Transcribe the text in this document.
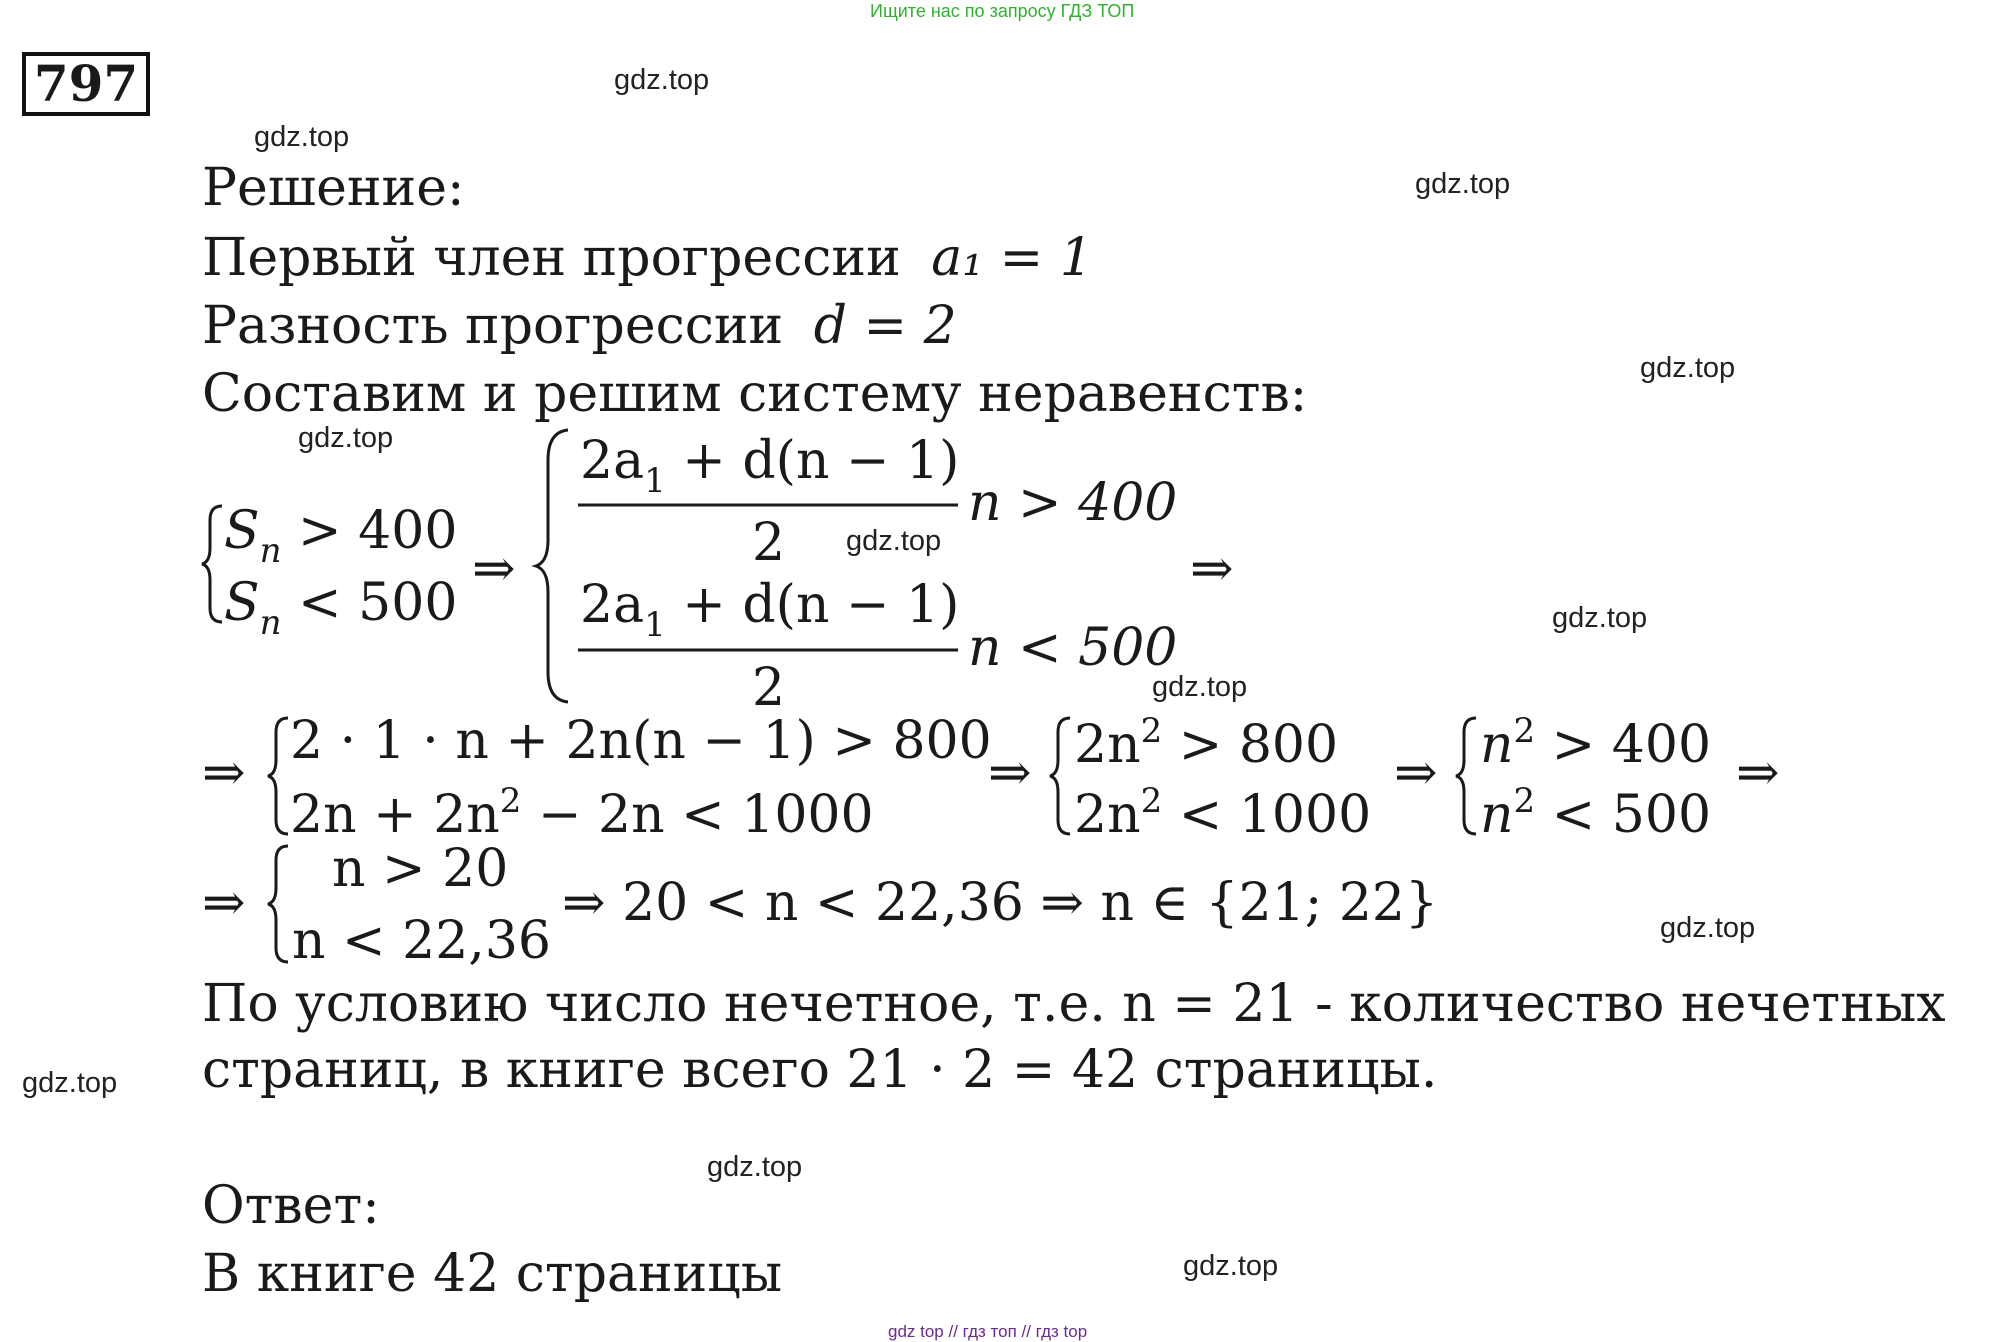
Ищите нас по запросу ГДЗ ТОП
797	gdz.top
gdz.top
gdz.top
gdz.top
gdz.top
gdz.top
gdz.top
gdz.top
gdz.top
gdz.top
gdz.top
gdz.top
Решение:
Первый член прогрессии a₁ = 1
Разность прогрессии d = 2
Составим и решим систему неравенств:
$S_n > 400$
$S_n < 500$
⇒
$2a_1 + d(n - 1)$
2
n > 400
$2a_1 + d(n - 1)$
2
n < 500
⇒
⇒
2 · 1 · n + 2n(n − 1) > 800
$2n + 2n^2 - 2n < 1000$
⇒ $2n^2 > 800$
$2n^2 < 1000$
⇒ $n^2 > 400$
$n^2 < 500$
⇒
⇒
n > 20
n < 22,36
⇒ 20 < n < 22,36 ⇒ n ∈ {21; 22}
По условию число нечетное, т.е. n = 21 - количество нечетных
страниц, в книге всего 21 · 2 = 42 страницы.
Ответ:
В книге 42 страницы
gdz top // гдз топ // гдз top
